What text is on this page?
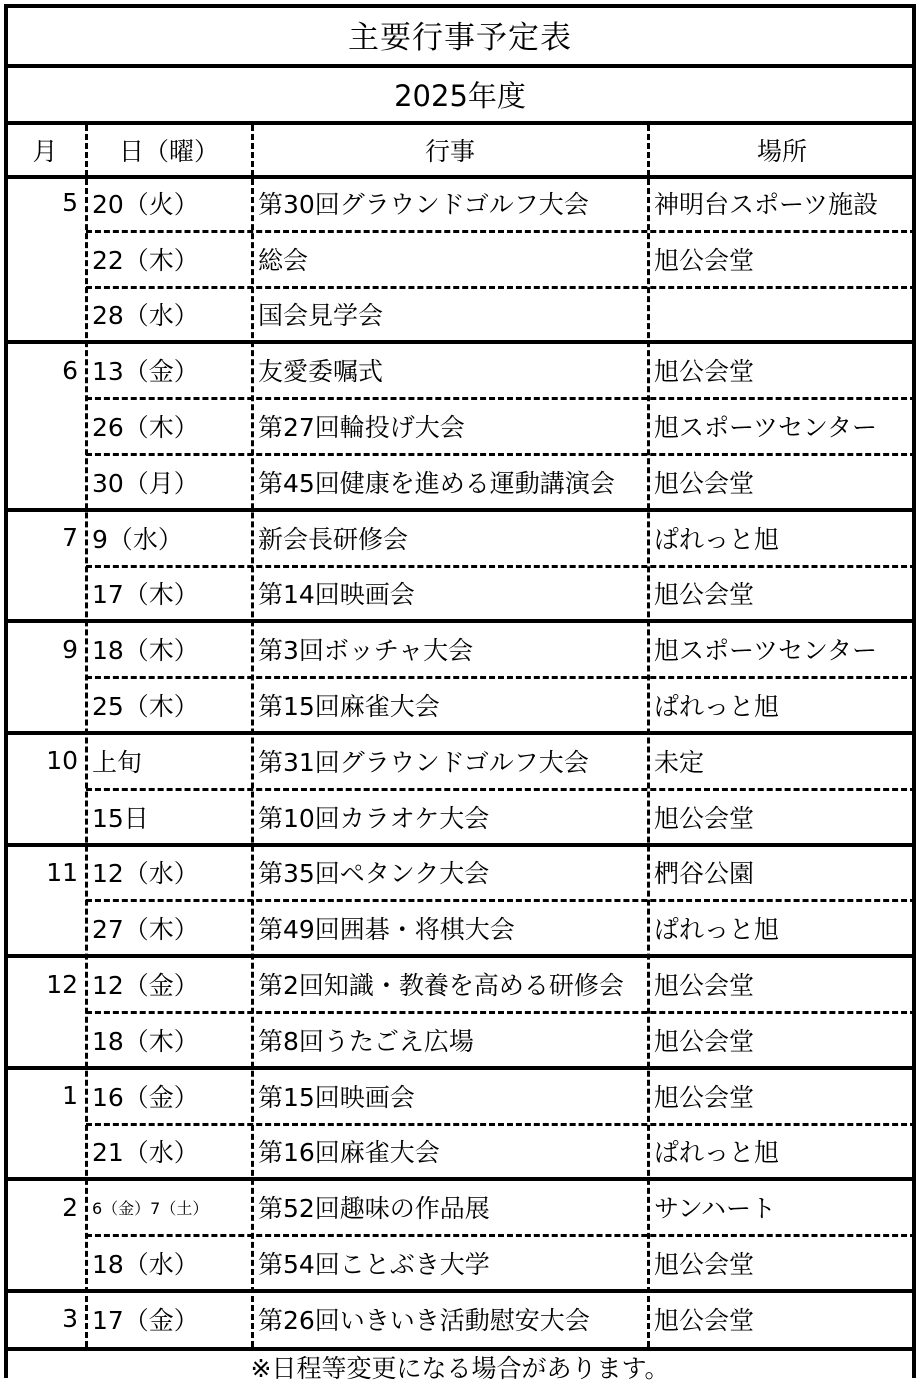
主要行事予定表
2025年度
月	日（曜）	行事	場所
5 20（火）	第30回グラウンドゴルフ大会	神明台スポーツ施設
22（木）	総会	旭公会堂
28（水）	国会見学会
6 13（金）	友愛委嘱式	旭公会堂
26（木）	第27回輪投げ大会	旭スポーツセンター
30（月）	第45回健康を進める運動講演会	旭公会堂
7 9（水）	新会長研修会	ぱれっと旭
17（木）	第14回映画会	旭公会堂
9 18（木）	第3回ボッチャ大会	旭スポーツセンター
25（木）	第15回麻雀大会	ぱれっと旭
10 上旬	第31回グラウンドゴルフ大会	未定
15日	第10回カラオケ大会	旭公会堂
11 12（水）	第35回ペタンク大会	椚谷公園
27（木）	第49回囲碁・将棋大会	ぱれっと旭
12 12（金）	第2回知識・教養を高める研修会	旭公会堂
18（木）	第8回うたごえ広場	旭公会堂
1 16（金）	第15回映画会	旭公会堂
21（水）	第16回麻雀大会	ぱれっと旭
2 6（金）7（土）	第52回趣味の作品展	サンハート
18（水）	第54回ことぶき大学	旭公会堂
3 17（金）	第26回いきいき活動慰安大会	旭公会堂
※日程等変更になる場合があります。
